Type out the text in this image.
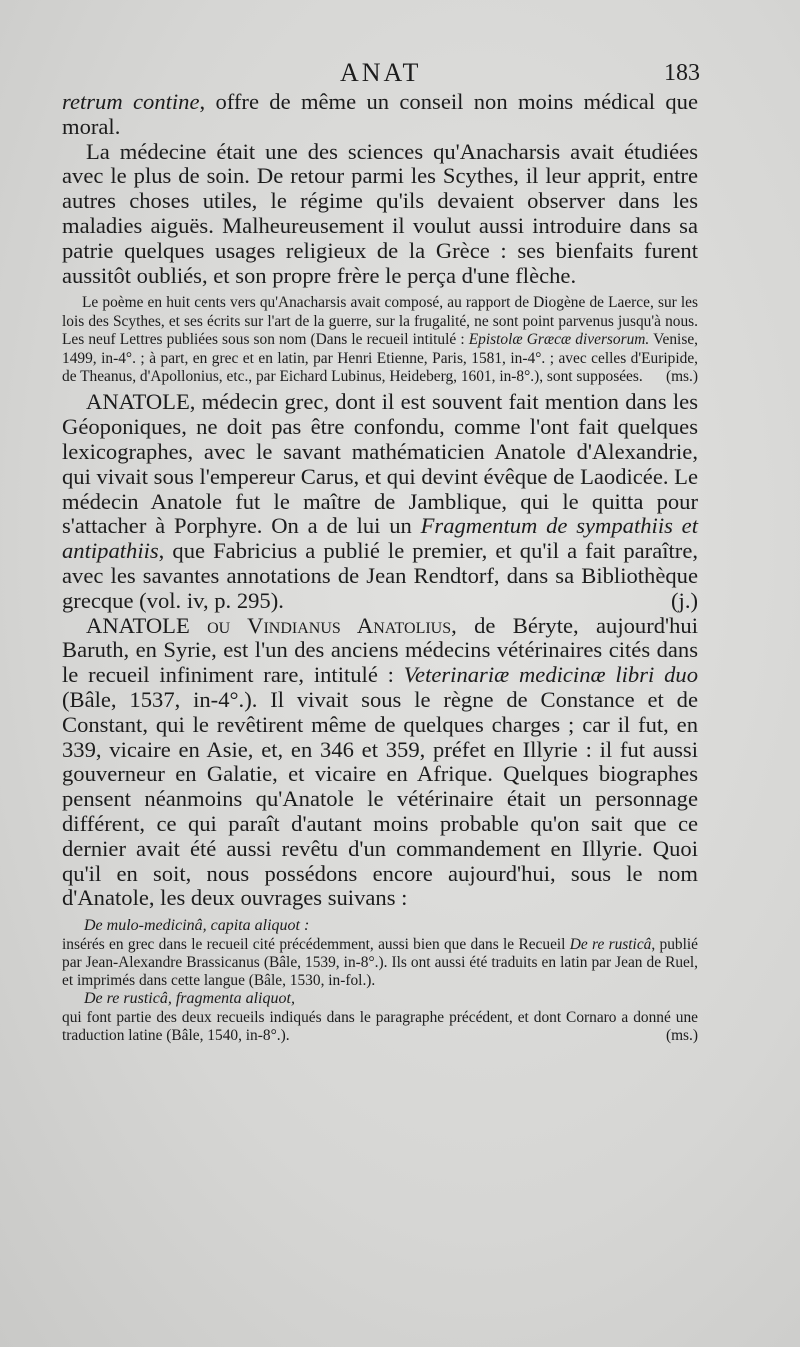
ANAT	183

retrum contine, offre de même un conseil non moins médical que moral.

La médecine était une des sciences qu'Anacharsis avait étudiées avec le plus de soin. De retour parmi les Scythes, il leur apprit, entre autres choses utiles, le régime qu'ils devaient observer dans les maladies aiguës. Malheureusement il voulut aussi introduire dans sa patrie quelques usages religieux de la Grèce : ses bienfaits furent aussitôt oubliés, et son propre frère le perça d'une flèche.

Le poème en huit cents vers qu'Anacharsis avait composé, au rapport de Diogène de Laerce, sur les lois des Scythes, et ses écrits sur l'art de la guerre, sur la frugalité, ne sont point parvenus jusqu'à nous. Les neuf Lettres publiées sous son nom (Dans le recueil intitulé : Epistolæ Græcæ diversorum. Venise, 1499, in-4°. ; à part, en grec et en latin, par Henri Etienne, Paris, 1581, in-4°. ; avec celles d'Euripide, de Theanus, d'Apollonius, etc., par Eichard Lubinus, Heideberg, 1601, in-8°.), sont supposées.	(ms.)

ANATOLE, médecin grec, dont il est souvent fait mention dans les Géoponiques, ne doit pas être confondu, comme l'ont fait quelques lexicographes, avec le savant mathématicien Anatole d'Alexandrie, qui vivait sous l'empereur Carus, et qui devint évêque de Laodicée. Le médecin Anatole fut le maître de Jamblique, qui le quitta pour s'attacher à Porphyre. On a de lui un Fragmentum de sympathiis et antipathiis, que Fabricius a publié le premier, et qu'il a fait paraître, avec les savantes annotations de Jean Rendtorf, dans sa Bibliothèque grecque (vol. iv, p. 295).	(j.)

ANATOLE ou Vindianus Anatolius, de Béryte, aujourd'hui Baruth, en Syrie, est l'un des anciens médecins vétérinaires cités dans le recueil infiniment rare, intitulé : Veterinariæ medicinæ libri duo (Bâle, 1537, in-4°.). Il vivait sous le règne de Constance et de Constant, qui le revêtirent même de quelques charges ; car il fut, en 339, vicaire en Asie, et, en 346 et 359, préfet en Illyrie : il fut aussi gouverneur en Galatie, et vicaire en Afrique. Quelques biographes pensent néanmoins qu'Anatole le vétérinaire était un personnage différent, ce qui paraît d'autant moins probable qu'on sait que ce dernier avait été aussi revêtu d'un commandement en Illyrie. Quoi qu'il en soit, nous possédons encore aujourd'hui, sous le nom d'Anatole, les deux ouvrages suivans :

De mulo-medicinâ, capita aliquot :

insérés en grec dans le recueil cité précédemment, aussi bien que dans le Recueil De re rusticâ, publié par Jean-Alexandre Brassicanus (Bâle, 1539, in-8°.). Ils ont aussi été traduits en latin par Jean de Ruel, et imprimés dans cette langue (Bâle, 1530, in-fol.).

De re rusticâ, fragmenta aliquot,

qui font partie des deux recueils indiqués dans le paragraphe précédent, et dont Cornaro a donné une traduction latine (Bâle, 1540, in-8°.).	(ms.)
